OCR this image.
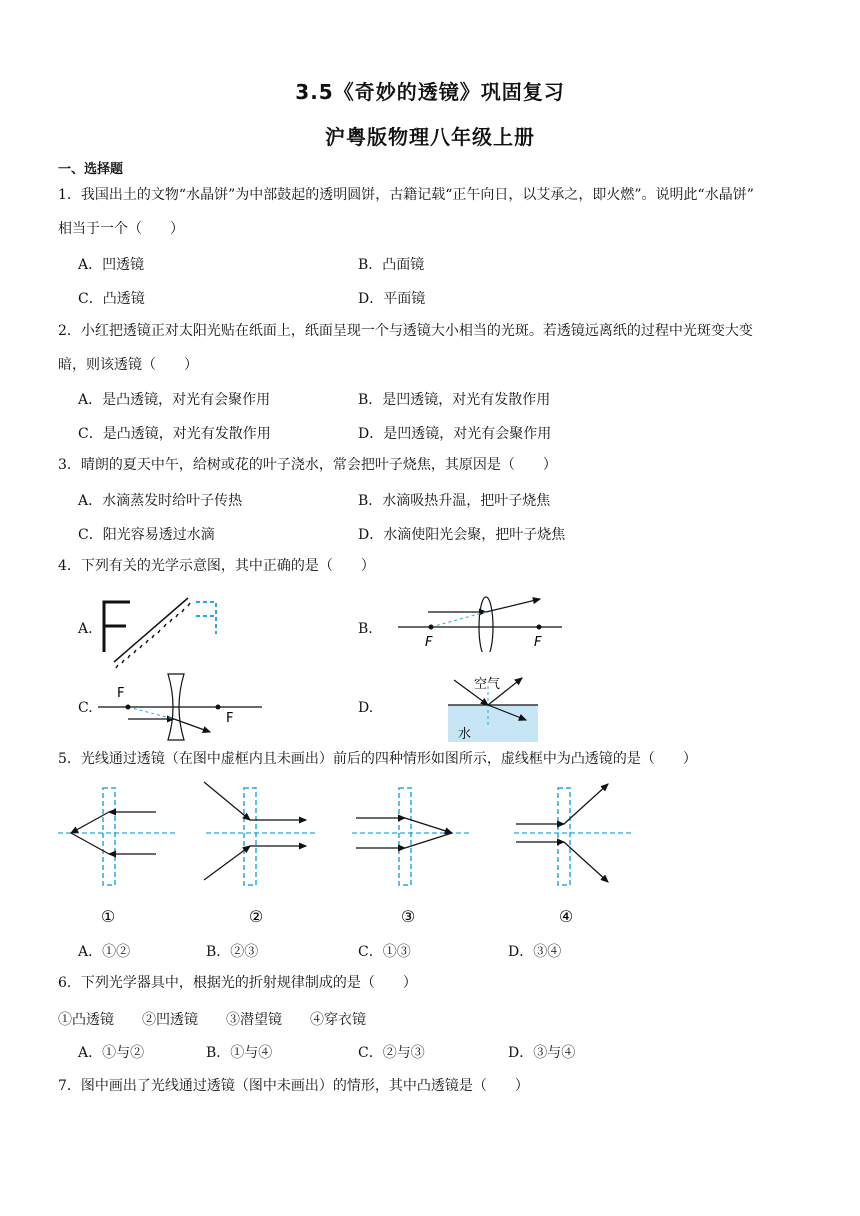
3.5《奇妙的透镜》巩固复习
沪粤版物理八年级上册
一、选择题
1．我国出土的文物“水晶饼”为中部鼓起的透明圆饼，古籍记载“正午向日，以艾承之，即火燃”。说明此“水晶饼”
相当于一个（　　）
A．凹透镜	B．凸面镜
C．凸透镜	D．平面镜
2．小红把透镜正对太阳光贴在纸面上，纸面呈现一个与透镜大小相当的光斑。若透镜远离纸的过程中光斑变大变
暗，则该透镜（　　）
A．是凸透镜，对光有会聚作用	B．是凹透镜，对光有发散作用
C．是凸透镜，对光有发散作用	D．是凹透镜，对光有会聚作用
3．晴朗的夏天中午，给树或花的叶子浇水，常会把叶子烧焦，其原因是（　　）
A．水滴蒸发时给叶子传热	B．水滴吸热升温，把叶子烧焦
C．阳光容易透过水滴	D．水滴使阳光会聚，把叶子烧焦
4．下列有关的光学示意图，其中正确的是（　　）
A.	B.
C.	D.
F	F
F
F
空气
水
5．光线通过透镜（在图中虚框内且未画出）前后的四种情形如图所示，虚线框中为凸透镜的是（　　）
①	②	③	④
A．①②	B．②③	C．①③	D．③④
6．下列光学器具中，根据光的折射规律制成的是（　　）
①凸透镜　　②凹透镜　　③潜望镜　　④穿衣镜
A．①与②	B．①与④	C．②与③	D．③与④
7．图中画出了光线通过透镜（图中未画出）的情形，其中凸透镜是（　　）
